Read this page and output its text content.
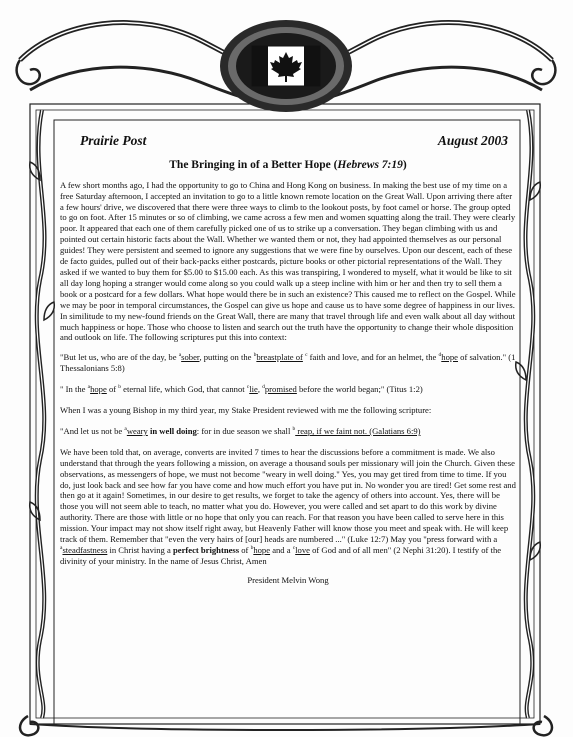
Prairie Post	August 2003
The Bringing in of a Better Hope (Hebrews 7:19)

A few short months ago, I had the opportunity to go to China and Hong Kong on business. In making the best use of my time on a free Saturday afternoon, I accepted an invitation to go to a little known remote location on the Great Wall. Upon arriving there after a few hours' drive, we discovered that there were three ways to climb to the lookout posts, by foot camel or horse. The group opted to go on foot. After 15 minutes or so of climbing, we came across a few men and women squatting along the trail. They were clearly poor. It appeared that each one of them carefully picked one of us to strike up a conversation. They began climbing with us and pointed out certain historic facts about the Wall. Whether we wanted them or not, they had appointed themselves as our personal guides! They were persistent and seemed to ignore any suggestions that we were fine by ourselves. Upon our descent, each of these de facto guides, pulled out of their back-packs either postcards, picture books or other pictorial representations of the Wall. They asked if we wanted to buy them for $5.00 to $15.00 each. As this was transpiring, I wondered to myself, what it would be like to sit all day long hoping a stranger would come along so you could walk up a steep incline with him or her and then try to sell them a book or a postcard for a few dollars. What hope would there be in such an existence? This caused me to reflect on the Gospel. While we may be poor in temporal circumstances, the Gospel can give us hope and cause us to have some degree of happiness in our lives. In similitude to my new-found friends on the Great Wall, there are many that travel through life and even walk about all day without much happiness or hope. Those who choose to listen and search out the truth have the opportunity to change their whole disposition and outlook on life. The following scriptures put this into context:

"But let us, who are of the day, be $^a$sober, putting on the $^b$breastplate of $^c$ faith and love, and for an helmet, the $^d$hope of salvation." (1 Thessalonians 5:8)

" In the $^a$hope of $^b$ eternal life, which God, that cannot $^c$lie, $^d$promised before the world began;" (Titus 1:2)

When I was a young Bishop in my third year, my Stake President reviewed with me the following scripture:

"And let us not be $^a$weary in well doing: for in due season we shall $^b$ reap, if we faint not. (Galatians 6:9)

We have been told that, on average, converts are invited 7 times to hear the discussions before a commitment is made. We also understand that through the years following a mission, on average a thousand souls per missionary will join the Church. Given these observations, as messengers of hope, we must not become "weary in well doing." Yes, you may get tired from time to time. If you do, just look back and see how far you have come and how much effort you have put in. No wonder you are tired! Get some rest and then go at it again! Sometimes, in our desire to get results, we forget to take the agency of others into account. Yes, there will be those you will not seem able to teach, no matter what you do. However, you were called and set apart to do this work by divine authority. There are those with little or no hope that only you can reach. For that reason you have been called to serve here in this mission. Your impact may not show itself right away, but Heavenly Father will know those you meet and speak with. He will keep track of them. Remember that "even the very hairs of [our] heads are numbered ..." (Luke 12:7) May you "press forward with a $^a$steadfastness in Christ having a perfect brightness of $^b$hope and a $^c$love of God and of all men" (2 Nephi 31:20). I testify of the divinity of your ministry. In the name of Jesus Christ, Amen

President Melvin Wong
